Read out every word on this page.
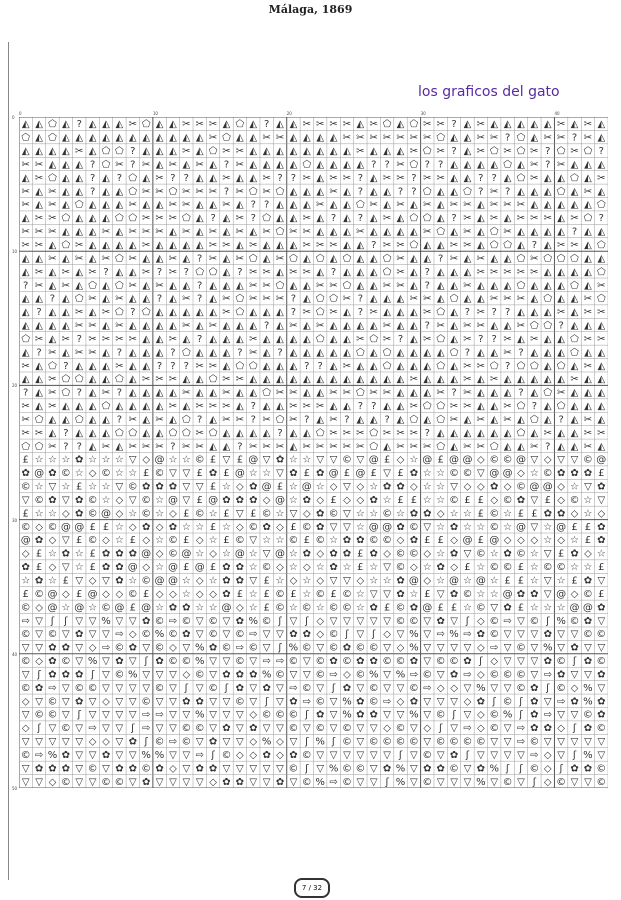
Málaga, 1869
los graficos del gato
◭ ◭ ⬠ ◭ ? ◭ ◭ ◭ ✂ ⬠ ◭ ◭ ✂ ✂ ✂ ◭ ⬠ ◭ ? ◭ ◭ ✂ ✂ ✂ ✂ ◭ ✂ ⬠ ◭ ⬠ ✂ ✂ ? ◭ ✂ ◭ ◭ ◭ ◭ ◭ ✂ ◭ ✂ ◭
⬠ ◭ ⬠ ◭ ◭ ◭ ◭ ◭ ◭ ◭ ◭ ◭ ◭ ◭ ✂ ⬠ ◭ ◭ ✂ ✂ ◭ ◭ ◭ ◭ ✂ ✂ ✂ ✂ ✂ ✂ ✂ ⬠ ◭ ◭ ✂ ✂ ? ⬠ ◭ ✂ ✂ ? ✂ ◭
◭ ◭ ◭ ◭ ✂ ◭ ⬠ ⬠ ? ◭ ◭ ◭ ✂ ◭ ⬠ ✂ ✂ ◭ ◭ ◭ ◭ ◭ ◭ ◭ ◭ ✂ ◭ ◭ ◭ ✂ ⬠ ✂ ? ◭ ✂ ⬠ ✂ ⬠ ✂ ? ⬠ ✂ ⬠ ?
✂ ✂ ◭ ◭ ◭ ? ⬠ ✂ ? ✂ ◭ ✂ ◭ ✂ ◭ ? ✂ ◭ ◭ ◭ ◭ ⬠ ◭ ◭ ◭ ◭ ? ? ✂ ⬠ ? ? ◭ ◭ ◭ ◭ ⬠ ◭ ✂ ? ✂ ◭ ◭ ◭
◭ ✂ ⬠ ◭ ◭ ? ◭ ? ⬠ ◭ ✂ ? ? ◭ ◭ ✂ ◭ ◭ ✂ ? ? ✂ ◭ ✂ ✂ ? ◭ ✂ ✂ ? ✂ ✂ ◭ ◭ ? ? ◭ ⬠ ✂ ◭ ◭ ⬠ ◭ ✂
✂ ◭ ✂ ◭ ◭ ? ◭ ◭ ⬠ ✂ ✂ ⬠ ✂ ✂ ✂ ? ✂ ⬠ ✂ ⬠ ◭ ◭ ◭ ✂ ◭ ? ◭ ◭ ? ? ⬠ ◭ ◭ ⬠ ? ✂ ? ◭ ◭ ◭ ⬠ ◭ ✂ ◭
✂ ◭ ✂ ◭ ⬠ ◭ ◭ ◭ ✂ ◭ ◭ ✂ ✂ ◭ ◭ ✂ ◭ ? ? ◭ ◭ ◭ ✂ ◭ ◭ ⬠ ✂ ◭ ✂ ◭ ✂ ◭ ✂ ✂ ◭ ✂ ✂ ✂ ◭ ◭ ◭ ◭ ◭ ⬠
◭ ✂ ✂ ⬠ ◭ ◭ ◭ ⬠ ⬠ ✂ ✂ ✂ ⬠ ◭ ? ◭ ✂ ? ⬠ ◭ ◭ ✂ ◭ ? ◭ ? ◭ ✂ ◭ ⬠ ⬠ ◭ ? ✂ ◭ ✂ ◭ ✂ ✂ ✂ ◭ ✂ ⬠ ?
✂ ✂ ✂ ◭ ◭ ◭ ✂ ◭ ✂ ✂ ✂ ◭ ✂ ◭ ✂ ◭ ✂ ◭ ✂ ⬠ ✂ ✂ ◭ ◭ ◭ ✂ ◭ ◭ ◭ ◭ ✂ ⬠ ◭ ✂ ◭ ⬠ ✂ ◭ ◭ ◭ ◭ ? ◭ ◭
✂ ✂ ◭ ⬠ ✂ ◭ ◭ ◭ ◭ ✂ ◭ ◭ ◭ ◭ ✂ ✂ ◭ ✂ ◭ ◭ ◭ ✂ ✂ ✂ ◭ ◭ ? ✂ ✂ ⬠ ◭ ◭ ✂ ✂ ◭ ⬠ ⬠ ◭ ? ◭ ✂ ✂ ◭ ⬠
◭ ◭ ✂ ◭ ✂ ◭ ✂ ⬠ ✂ ◭ ◭ ✂ ◭ ? ✂ ◭ ✂ ⬠ ◭ ✂ ⬠ ◭ ⬠ ◭ ⬠ ◭ ◭ ⬠ ✂ ◭ ◭ ? ✂ ◭ ✂ ◭ ◭ ⬠ ✂ ⬠ ⬠ ⬠ ◭ ◭
◭ ✂ ◭ ✂ ◭ ✂ ? ◭ ◭ ✂ ? ✂ ? ⬠ ⬠ ◭ ? ✂ ✂ ◭ ✂ ✂ ◭ ? ◭ ◭ ◭ ⬠ ✂ ◭ ? ◭ ◭ ◭ ✂ ✂ ✂ ✂ ✂ ◭ ◭ ◭ ◭ ⬠
? ✂ ◭ ✂ ◭ ⬠ ◭ ⬠ ✂ ◭ ✂ ◭ ◭ ? ◭ ◭ ◭ ✂ ✂ ⬠ ◭ ◭ ✂ ✂ ⬠ ◭ ◭ ✂ ✂ ◭ ? ◭ ◭ ✂ ◭ ◭ ◭ ⬠ ◭ ◭ ◭ ⬠ ◭ ✂
◭ ◭ ? ◭ ⬠ ✂ ◭ ✂ ◭ ◭ ? ◭ ✂ ? ◭ ✂ ⬠ ✂ ✂ ✂ ? ◭ ⬠ ⬠ ✂ ? ◭ ◭ ◭ ✂ ✂ ◭ ⬠ ◭ ◭ ✂ ✂ ✂ ◭ ⬠ ◭ ◭ ✂ ⬠
◭ ? ◭ ◭ ✂ ◭ ✂ ⬠ ? ⬠ ◭ ◭ ◭ ◭ ◭ ✂ ⬠ ◭ ◭ ◭ ? ✂ ⬠ ✂ ◭ ? ✂ ◭ ◭ ◭ ✂ ⬠ ◭ ? ✂ ? ? ◭ ◭ ◭ ✂ ◭ ✂ ✂
◭ ◭ ◭ ◭ ✂ ✂ ◭ ✂ ◭ ◭ ◭ ◭ ✂ ◭ ✂ ◭ ◭ ◭ ? ◭ ✂ ◭ ✂ ◭ ◭ ◭ ◭ ✂ ◭ ◭ ? ✂ ◭ ✂ ✂ ◭ ◭ ✂ ⬠ ⬠ ? ◭ ◭ ◭
⬠ ✂ ◭ ✂ ? ✂ ✂ ✂ ✂ ◭ ◭ ✂ ◭ ? ◭ ◭ ◭ ✂ ◭ ◭ ◭ ◭ ⬠ ◭ ◭ ✂ ⬠ ✂ ? ◭ ✂ ⬠ ◭ ✂ ? ? ✂ ◭ ✂ ◭ ◭ ⬠ ✂ ✂
◭ ? ✂ ◭ ✂ ✂ ◭ ? ◭ ◭ ◭ ? ⬠ ◭ ◭ ◭ ? ✂ ◭ ? ◭ ◭ ◭ ◭ ◭ ⬠ ◭ ⬠ ◭ ◭ ◭ ◭ ⬠ ? ◭ ◭ ✂ ? ◭ ◭ ◭ ⬠ ◭ ◭
✂ ◭ ⬠ ? ◭ ◭ ◭ ✂ ◭ ◭ ? ? ? ✂ ✂ ◭ ⬠ ⬠ ◭ ◭ ◭ ? ? ◭ ✂ ◭ ◭ ⬠ ◭ ◭ ◭ ⬠ ◭ ✂ ✂ ⬠ ? ⬠ ⬠ ◭ ⬠ ◭ ✂ ◭
◭ ◭ ✂ ⬠ ⬠ ◭ ◭ ⬠ ◭ ✂ ✂ ✂ ◭ ◭ ⬠ ✂ ✂ ◭ ◭ ◭ ◭ ◭ ◭ ◭ ◭ ◭ ◭ ◭ ◭ ✂ ◭ ◭ ◭ ✂ ◭ ✂ ◭ ◭ ◭ ◭ ◭ ✂ ◭ ◭
? ◭ ✂ ⬠ ? ◭ ✂ ? ◭ ◭ ◭ ◭ ✂ ◭ ◭ ✂ ◭ ◭ ⬠ ✂ ✂ ◭ ◭ ✂ ✂ ⬠ ✂ ✂ ◭ ◭ ◭ ✂ ? ✂ ◭ ◭ ◭ ? ◭ ⬠ ✂ ◭ ◭ ◭
✂ ◭ ✂ ◭ ◭ ◭ ⬠ ◭ ◭ ◭ ◭ ✂ ◭ ✂ ✂ ✂ ◭ ? ◭ ◭ ✂ ✂ ✂ ◭ ◭ ? ? ◭ ◭ ✂ ⬠ ⬠ ✂ ✂ ◭ ◭ ✂ ⬠ ? ◭ ⬠ ◭ ◭ ◭
✂ ⬠ ◭ ◭ ⬠ ◭ ◭ ? ✂ ◭ ✂ ◭ ⬠ ? ◭ ✂ ✂ ? ✂ ⬠ ✂ ? ◭ ✂ ? ◭ ◭ ? ◭ ⬠ ◭ ⬠ ✂ ◭ ✂ ◭ ✂ ◭ ⬠ ◭ ? ◭ ✂ ◭
✂ ✂ ◭ ? ◭ ◭ ◭ ⬠ ⬠ ◭ ◭ ⬠ ⬠ ✂ ⬠ ◭ ◭ ◭ ◭ ? ◭ ◭ ⬠ ✂ ✂ ✂ ⬠ ✂ ✂ ✂ ? ◭ ◭ ◭ ◭ ◭ ◭ ⬠ ◭ ✂ ◭ ◭ ✂ ✂
⬠ ⬠ ✂ ? ? ◭ ✂ ◭ ✂ ✂ ✂ ? ✂ ✂ ◭ ◭ ? ✂ ✂ ✂ ◭ ✂ ✂ ✂ ✂ ✂ ⬠ ◭ ✂ ✂ ✂ ⬠ ◭ ✂ ✂ ⬠ ◭ ◭ ✂ ? ◭ ◭ ✂ ◭
£ ☆ ☆ ☆ ✿ ☆ ☆ ☆ ▽ ◇ @ ☆ ☆ © £ ▽ £ @ ▽ ✿ ☆ ☆ ▽ ▽ © ▽ @ £ ◇ ☆ @ £ @ @ ◇ © © @ ▽ ◇ ▽ ▽ © @
✿ @ ✿ © ☆ ◇ © ☆ ☆ £ © ▽ ▽ £ ✿ £ @ ☆ ☆ ▽ ✿ £ ✿ @ £ @ £ ▽ £ ✿ ☆ ☆ © © ▽ @ @ ◇ ☆ © ✿ ✿ ✿ £
© ☆ ▽ ☆ £ ☆ ☆ ▽ © ✿ ✿ ✿ ▽ ▽ £ ☆ ◇ ✿ @ £ ☆ @ ☆ ◇ ▽ ◇ ☆ ✿ ✿ ◇ ☆ ☆ ▽ ◇ ◇ ✿ ◇ © @ @ ◇ ☆ ▽ ✿
▽ © ✿ ▽ ✿ © ☆ ◇ ▽ © ☆ @ ▽ £ @ ✿ ✿ ✿ ◇ @ ☆ ✿ ◇ £ ◇ ◇ ✿ ☆ £ £ ☆ ☆ © £ £ ◇ © ✿ ▽ £ ◇ © ☆ ▽
£ ☆ ☆ ◇ ✿ © @ ◇ ☆ © ☆ ◇ £ © ☆ £ ▽ £ © ☆ ▽ ◇ ✿ © ▽ ☆ ☆ © ☆ ✿ ✿ ◇ ☆ ☆ £ © ☆ £ £ ✿ ✿ ◇ ☆ ◇
© ◇ © @ @ £ £ ☆ ◇ ✿ ◇ ✿ ☆ ☆ £ ☆ ◇ © ✿ ◇ £ © ✿ ▽ ▽ ☆ @ @ ✿ © ▽ ☆ ✿ ☆ ☆ © ☆ @ ▽ ☆ @ £ £ ✿
@ ✿ ◇ ▽ £ © ◇ ☆ £ ◇ ☆ © £ ◇ ☆ £ © ▽ ☆ ☆ © £ © ☆ ✿ ✿ © © ◇ ✿ £ £ ◇ @ £ @ ◇ ◇ ◇ ☆ ◇ ☆ £ ✿
◇ £ ☆ ✿ ☆ £ ✿ ✿ ✿ @ ◇ © @ ☆ ◇ ☆ @ ☆ ▽ @ ☆ ✿ ◇ ✿ ✿ £ ✿ ◇ © © ◇ ☆ ✿ ▽ © ☆ ✿ © ☆ ▽ £ ✿ ◇ ☆
✿ £ ◇ ▽ ☆ £ ✿ ✿ @ ◇ ☆ @ £ @ £ ✿ ✿ ☆ © ◇ ☆ ◇ ☆ ✿ ☆ £ ☆ ▽ © ◇ ☆ ✿ ◇ £ ☆ © © £ ☆ © © ☆ ☆ £
☆ ✿ ☆ £ ▽ ◇ ▽ ✿ ☆ © @ @ ☆ ◇ ☆ ✿ ✿ ▽ £ ☆ ◇ ☆ ◇ ▽ ▽ ◇ ☆ ☆ ✿ @ ◇ ☆ @ ☆ @ ☆ £ £ ☆ ▽ ☆ £ ✿ ▽
£ © @ ◇ £ @ ◇ ◇ © £ ◇ ◇ ☆ ◇ ◇ ✿ £ ☆ £ © £ ☆ © £ © ☆ ▽ ▽ ✿ ☆ £ ▽ ✿ © ☆ ☆ @ ✿ ✿ ▽ @ ◇ © £
© ◇ @ ☆ @ ☆ © @ £ @ ☆ ✿ ✿ ☆ ☆ @ ◇ ☆ £ © ☆ © ☆ © © ☆ ✿ £ © ✿ @ £ £ ☆ © ▽ ✿ £ ☆ ☆ ☆ @ @ ✿
⇨ ▽ ʃ ʃ ▽ ▽ % ▽ ▽ ✿ © ⇨ © ▽ © ▽ ✿ % © ʃ ▽ ʃ ◇ ▽ ▽ ▽ ▽ ▽ © © ▽ ✿ ▽ ʃ ◇ © ⇨ ▽ © ʃ % © ✿ ▽
© ▽ © ▽ ✿ ▽ ▽ ⇨ ◇ © % © ✿ ▽ © ▽ © ⇨ ▽ ▽ ✿ ✿ ◇ © ʃ ▽ ʃ ◇ ▽ % ▽ ⇨ % ⇨ ✿ © ▽ ▽ ▽ ✿ ▽ ▽ © ©
▽ ▽ ✿ ✿ ▽ ◇ ⇨ © ✿ ▽ © ◇ ▽ % ✿ © ⇨ © ▽ ʃ % © ▽ © ✿ © © ▽ ◇ % ▽ ▽ ▽ ▽ ◇ ⇨ ▽ © ▽ % ▽ ✿ ▽ ▽
© ◇ ✿ © ▽ % ▽ ✿ ▽ ʃ ✿ © © % ▽ ▽ © ▽ ⇨ ⇨ © ▽ © ✿ © ✿ ✿ © © ✿ ▽ © © ✿ ʃ ◇ ▽ ▽ ▽ ✿ © ʃ ✿ ©
▽ ʃ ✿ ✿ ✿ ʃ ▽ © % ▽ ▽ ▽ ◇ © ▽ ✿ ✿ ✿ % © ▽ ▽ © ⇨ ◇ © % ▽ % ⇨ © ▽ ✿ ⇨ ◇ © © © ▽ ⇨ ✿ ▽ ▽ ✿
© ✿ ⇨ ▽ © © ▽ ▽ ▽ ▽ © ▽ ʃ ▽ © ʃ ✿ ▽ ✿ ▽ ⇨ © ▽ ʃ ✿ ▽ © ▽ ▽ © ⇨ ◇ ◇ ▽ % ▽ ▽ © ✿ ʃ © ◇ % ▽
◇ ▽ © ▽ ✿ ▽ ◇ ▽ ▽ © ▽ ▽ ✿ ✿ ▽ ▽ © ▽ ʃ ▽ ✿ ⇨ © ▽ % ✿ © ⇨ ◇ ✿ ▽ ▽ ▽ ◇ ✿ ʃ © ʃ ✿ ▽ ⇨ ✿ % ✿
▽ © © ▽ ʃ ▽ ▽ ▽ ▽ ⇨ ⇨ ▽ ▽ % ▽ ▽ ▽ ◇ © © © ʃ ✿ ▽ % ✿ ✿ ▽ ▽ % ▽ © ʃ ▽ ◇ © % ʃ ✿ ⇨ ▽ ▽ © ✿
◇ ʃ ▽ © ▽ ⇨ ▽ ▽ ʃ ⇨ ▽ ▽ © © ▽ ✿ ▽ ✿ ▽ ▽ © ▽ © ▽ © ▽ ▽ ◇ © ▽ ◇ ʃ ▽ ⇨ ◇ © ▽ ⇨ ✿ ✿ ◇ ʃ ✿ ©
▽ ▽ ▽ ▽ ▽ ◇ ◇ ▽ ✿ ʃ © ⇨ © ▽ ✿ ▽ ▽ ◇ % ◇ ▽ ʃ % ʃ © ▽ © © © © ▽ © © © © ▽ ▽ ⇨ © ▽ ▽ ▽ ▽ ▽
© ⇨ % ✿ ▽ ▽ ✿ ▽ ▽ % % ▽ ▽ ⇨ ʃ © ◇ ◇ ✿ ◇ ✿ © ▽ ▽ ▽ ▽ ▽ ▽ ʃ ▽ © ▽ ✿ ʃ ▽ ▽ ▽ ▽ ⇨ ◇ ▽ ʃ % ▽
▽ ✿ ✿ ✿ ▽ © ▽ ✿ ✿ © ✿ ◇ ▽ ✿ ✿ ▽ ▽ ▽ ▽ ▽ © ʃ ▽ % © © ▽ ✿ % ▽ ✿ ✿ © ▽ ✿ % ʃ ʃ © ◇ ʃ ✿ ✿ ©
▽ ▽ ◇ © ▽ ▽ © © ▽ ✿ ▽ ▽ ▽ ▽ ◇ ✿ ✿ ▽ ▽ ✿ ▽ © % ⇨ © ▽ ▽ ʃ % ▽ © ▽ ▽ ▽ % ▽ © ▽ ʃ ◇ © ▽ ▽ ©
0	10	20	30	40
0
10
20
30
40
50
7 / 32
